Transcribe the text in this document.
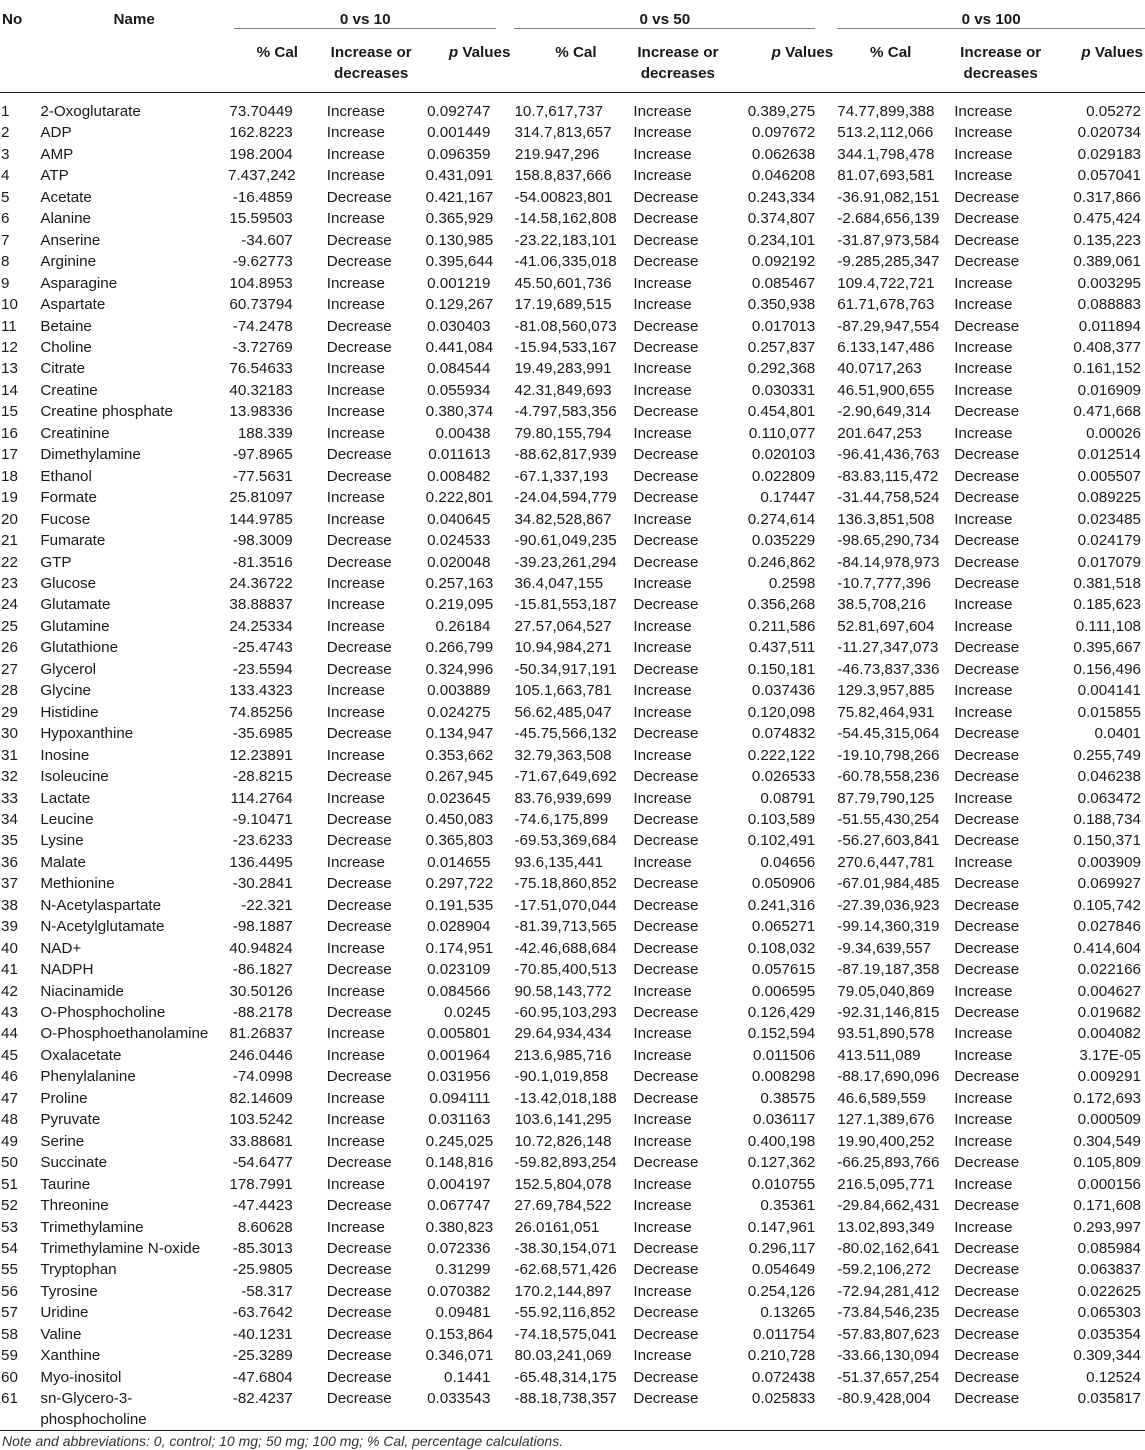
No	Name	0 vs 10			0 vs 50			0 vs 100		

		% Cal	Increase or
decreases	p Values	% Cal	Increase or
decreases	p Values	% Cal	Increase or
decreases	p Values
1	2-Oxoglutarate	73.70449	Increase	0.092747	10.7,617,737	Increase	0.389,275	74.77,899,388	Increase	0.05272
2	ADP	162.8223	Increase	0.001449	314.7,813,657	Increase	0.097672	513.2,112,066	Increase	0.020734
3	AMP	198.2004	Increase	0.096359	219.947,296	Increase	0.062638	344.1,798,478	Increase	0.029183
4	ATP	7.437,242	Increase	0.431,091	158.8,837,666	Increase	0.046208	81.07,693,581	Increase	0.057041
5	Acetate	-16.4859	Decrease	0.421,167	-54.00823,801	Decrease	0.243,334	-36.91,082,151	Decrease	0.317,866
6	Alanine	15.59503	Increase	0.365,929	-14.58,162,808	Decrease	0.374,807	-2.684,656,139	Decrease	0.475,424
7	Anserine	-34.607	Decrease	0.130,985	-23.22,183,101	Decrease	0.234,101	-31.87,973,584	Decrease	0.135,223
8	Arginine	-9.62773	Decrease	0.395,644	-41.06,335,018	Decrease	0.092192	-9.285,285,347	Decrease	0.389,061
9	Asparagine	104.8953	Increase	0.001219	45.50,601,736	Increase	0.085467	109.4,722,721	Increase	0.003295
10	Aspartate	60.73794	Increase	0.129,267	17.19,689,515	Increase	0.350,938	61.71,678,763	Increase	0.088883
11	Betaine	-74.2478	Decrease	0.030403	-81.08,560,073	Decrease	0.017013	-87.29,947,554	Decrease	0.011894
12	Choline	-3.72769	Decrease	0.441,084	-15.94,533,167	Decrease	0.257,837	6.133,147,486	Increase	0.408,377
13	Citrate	76.54633	Increase	0.084544	19.49,283,991	Increase	0.292,368	40.0717,263	Increase	0.161,152
14	Creatine	40.32183	Increase	0.055934	42.31,849,693	Increase	0.030331	46.51,900,655	Increase	0.016909
15	Creatine phosphate	13.98336	Increase	0.380,374	-4.797,583,356	Decrease	0.454,801	-2.90,649,314	Decrease	0.471,668
16	Creatinine	188.339	Increase	0.00438	79.80,155,794	Increase	0.110,077	201.647,253	Increase	0.00026
17	Dimethylamine	-97.8965	Decrease	0.011613	-88.62,817,939	Decrease	0.020103	-96.41,436,763	Decrease	0.012514
18	Ethanol	-77.5631	Decrease	0.008482	-67.1,337,193	Decrease	0.022809	-83.83,115,472	Decrease	0.005507
19	Formate	25.81097	Increase	0.222,801	-24.04,594,779	Decrease	0.17447	-31.44,758,524	Decrease	0.089225
20	Fucose	144.9785	Increase	0.040645	34.82,528,867	Increase	0.274,614	136.3,851,508	Increase	0.023485
21	Fumarate	-98.3009	Decrease	0.024533	-90.61,049,235	Decrease	0.035229	-98.65,290,734	Decrease	0.024179
22	GTP	-81.3516	Decrease	0.020048	-39.23,261,294	Decrease	0.246,862	-84.14,978,973	Decrease	0.017079
23	Glucose	24.36722	Increase	0.257,163	36.4,047,155	Increase	0.2598	-10.7,777,396	Decrease	0.381,518
24	Glutamate	38.88837	Increase	0.219,095	-15.81,553,187	Decrease	0.356,268	38.5,708,216	Increase	0.185,623
25	Glutamine	24.25334	Increase	0.26184	27.57,064,527	Increase	0.211,586	52.81,697,604	Increase	0.111,108
26	Glutathione	-25.4743	Decrease	0.266,799	10.94,984,271	Increase	0.437,511	-11.27,347,073	Decrease	0.395,667
27	Glycerol	-23.5594	Decrease	0.324,996	-50.34,917,191	Decrease	0.150,181	-46.73,837,336	Decrease	0.156,496
28	Glycine	133.4323	Increase	0.003889	105.1,663,781	Increase	0.037436	129.3,957,885	Increase	0.004141
29	Histidine	74.85256	Increase	0.024275	56.62,485,047	Increase	0.120,098	75.82,464,931	Increase	0.015855
30	Hypoxanthine	-35.6985	Decrease	0.134,947	-45.75,566,132	Decrease	0.074832	-54.45,315,064	Decrease	0.0401
31	Inosine	12.23891	Increase	0.353,662	32.79,363,508	Increase	0.222,122	-19.10,798,266	Decrease	0.255,749
32	Isoleucine	-28.8215	Decrease	0.267,945	-71.67,649,692	Decrease	0.026533	-60.78,558,236	Decrease	0.046238
33	Lactate	114.2764	Increase	0.023645	83.76,939,699	Increase	0.08791	87.79,790,125	Increase	0.063472
34	Leucine	-9.10471	Decrease	0.450,083	-74.6,175,899	Decrease	0.103,589	-51.55,430,254	Decrease	0.188,734
35	Lysine	-23.6233	Decrease	0.365,803	-69.53,369,684	Decrease	0.102,491	-56.27,603,841	Decrease	0.150,371
36	Malate	136.4495	Increase	0.014655	93.6,135,441	Increase	0.04656	270.6,447,781	Increase	0.003909
37	Methionine	-30.2841	Decrease	0.297,722	-75.18,860,852	Decrease	0.050906	-67.01,984,485	Decrease	0.069927
38	N-Acetylaspartate	-22.321	Decrease	0.191,535	-17.51,070,044	Decrease	0.241,316	-27.39,036,923	Decrease	0.105,742
39	N-Acetylglutamate	-98.1887	Decrease	0.028904	-81.39,713,565	Decrease	0.065271	-99.14,360,319	Decrease	0.027846
40	NAD+	40.94824	Increase	0.174,951	-42.46,688,684	Decrease	0.108,032	-9.34,639,557	Decrease	0.414,604
41	NADPH	-86.1827	Decrease	0.023109	-70.85,400,513	Decrease	0.057615	-87.19,187,358	Decrease	0.022166
42	Niacinamide	30.50126	Increase	0.084566	90.58,143,772	Increase	0.006595	79.05,040,869	Increase	0.004627
43	O-Phosphocholine	-88.2178	Decrease	0.0245	-60.95,103,293	Decrease	0.126,429	-92.31,146,815	Decrease	0.019682
44	O-Phosphoethanolamine	81.26837	Increase	0.005801	29.64,934,434	Increase	0.152,594	93.51,890,578	Increase	0.004082
45	Oxalacetate	246.0446	Increase	0.001964	213.6,985,716	Increase	0.011506	413.511,089	Increase	3.17E-05
46	Phenylalanine	-74.0998	Decrease	0.031956	-90.1,019,858	Decrease	0.008298	-88.17,690,096	Decrease	0.009291
47	Proline	82.14609	Increase	0.094111	-13.42,018,188	Decrease	0.38575	46.6,589,559	Increase	0.172,693
48	Pyruvate	103.5242	Increase	0.031163	103.6,141,295	Increase	0.036117	127.1,389,676	Increase	0.000509
49	Serine	33.88681	Increase	0.245,025	10.72,826,148	Increase	0.400,198	19.90,400,252	Increase	0.304,549
50	Succinate	-54.6477	Decrease	0.148,816	-59.82,893,254	Decrease	0.127,362	-66.25,893,766	Decrease	0.105,809
51	Taurine	178.7991	Increase	0.004197	152.5,804,078	Increase	0.010755	216.5,095,771	Increase	0.000156
52	Threonine	-47.4423	Decrease	0.067747	27.69,784,522	Increase	0.35361	-29.84,662,431	Decrease	0.171,608
53	Trimethylamine	8.60628	Increase	0.380,823	26.0161,051	Increase	0.147,961	13.02,893,349	Increase	0.293,997
54	Trimethylamine N-oxide	-85.3013	Decrease	0.072336	-38.30,154,071	Decrease	0.296,117	-80.02,162,641	Decrease	0.085984
55	Tryptophan	-25.9805	Decrease	0.31299	-62.68,571,426	Decrease	0.054649	-59.2,106,272	Decrease	0.063837
56	Tyrosine	-58.317	Decrease	0.070382	170.2,144,897	Increase	0.254,126	-72.94,281,412	Decrease	0.022625
57	Uridine	-63.7642	Decrease	0.09481	-55.92,116,852	Decrease	0.13265	-73.84,546,235	Decrease	0.065303
58	Valine	-40.1231	Decrease	0.153,864	-74.18,575,041	Decrease	0.011754	-57.83,807,623	Decrease	0.035354
59	Xanthine	-25.3289	Decrease	0.346,071	80.03,241,069	Increase	0.210,728	-33.66,130,094	Decrease	0.309,344
60	Myo-inositol	-47.6804	Decrease	0.1441	-65.48,314,175	Decrease	0.072438	-51.37,657,254	Decrease	0.12524
61	sn-Glycero-3-
phosphocholine	-82.4237	Decrease	0.033543	-88.18,738,357	Decrease	0.025833	-80.9,428,004	Decrease	0.035817
Note and abbreviations: 0, control; 10 mg; 50 mg; 100 mg; % Cal, percentage calculations.
